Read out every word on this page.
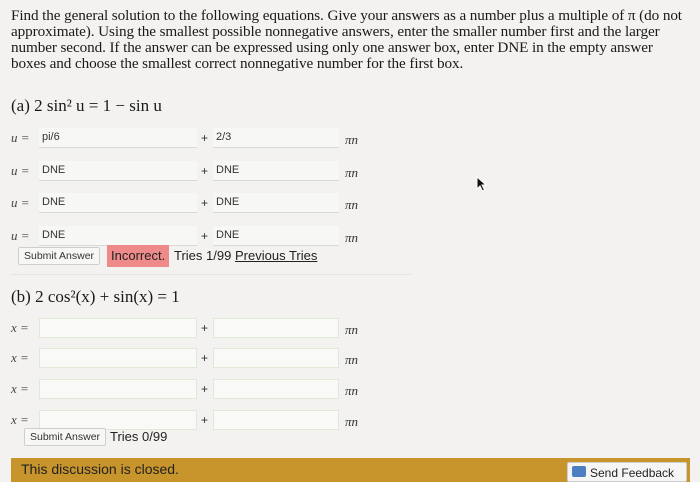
Find the general solution to the following equations. Give your answers as a number plus a multiple of π (do not approximate). Using the smallest possible nonnegative answers, enter the smaller number first and the larger number second. If the answer can be expressed using only one answer box, enter DNE in the empty answer boxes and choose the smallest correct nonnegative number for the first box.
(a) 2 sin² u = 1 − sin u
u = pi/6	+ 2/3	πn
u = DNE	+ DNE	πn
u = DNE	+ DNE	πn
u = DNE	+ DNE	πn
Submit Answer	Incorrect. Tries 1/99 Previous Tries
(b) 2 cos²(x) + sin(x) = 1
x =	+	πn
x =	+	πn
x =	+	πn
x =	+	πn
Submit Answer Tries 0/99
This discussion is closed.	Send Feedback
